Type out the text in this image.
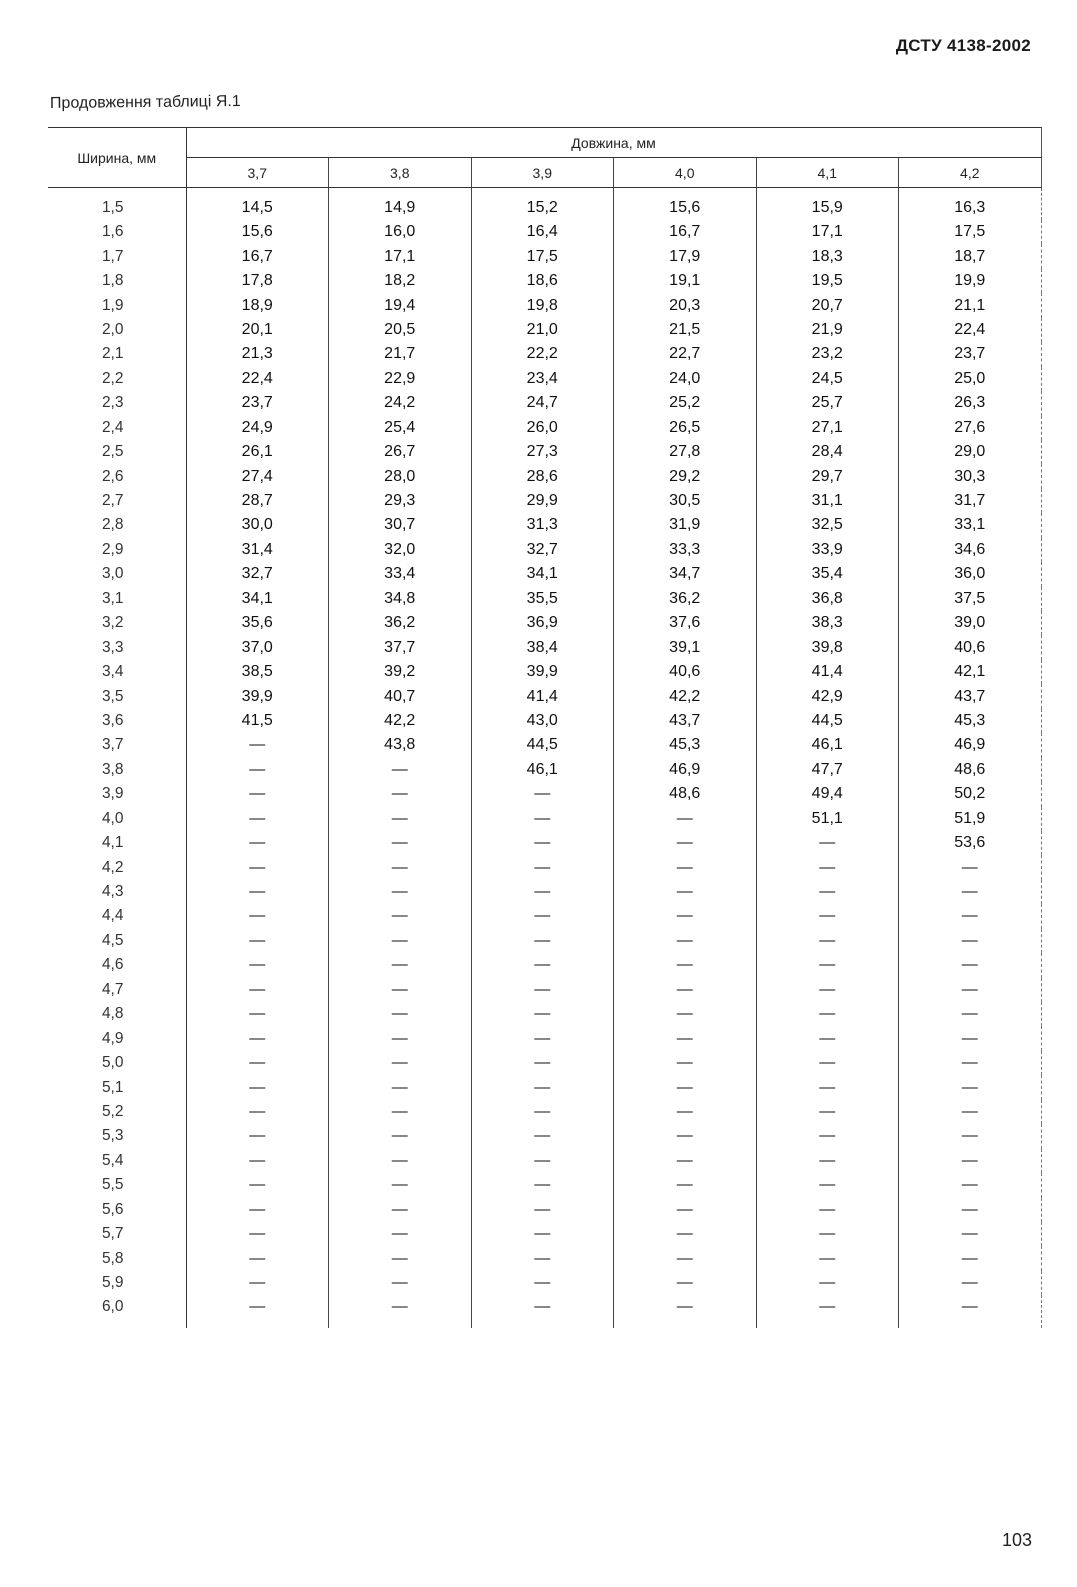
ДСТУ 4138-2002
Продовження таблиці Я.1
Ширина, мм	Довжина, мм					
	3,7	3,8	3,9	4,0	4,1	4,2
1,5	14,5	14,9	15,2	15,6	15,9	16,3
1,6	15,6	16,0	16,4	16,7	17,1	17,5
1,7	16,7	17,1	17,5	17,9	18,3	18,7
1,8	17,8	18,2	18,6	19,1	19,5	19,9
1,9	18,9	19,4	19,8	20,3	20,7	21,1
2,0	20,1	20,5	21,0	21,5	21,9	22,4
2,1	21,3	21,7	22,2	22,7	23,2	23,7
2,2	22,4	22,9	23,4	24,0	24,5	25,0
2,3	23,7	24,2	24,7	25,2	25,7	26,3
2,4	24,9	25,4	26,0	26,5	27,1	27,6
2,5	26,1	26,7	27,3	27,8	28,4	29,0
2,6	27,4	28,0	28,6	29,2	29,7	30,3
2,7	28,7	29,3	29,9	30,5	31,1	31,7
2,8	30,0	30,7	31,3	31,9	32,5	33,1
2,9	31,4	32,0	32,7	33,3	33,9	34,6
3,0	32,7	33,4	34,1	34,7	35,4	36,0
3,1	34,1	34,8	35,5	36,2	36,8	37,5
3,2	35,6	36,2	36,9	37,6	38,3	39,0
3,3	37,0	37,7	38,4	39,1	39,8	40,6
3,4	38,5	39,2	39,9	40,6	41,4	42,1
3,5	39,9	40,7	41,4	42,2	42,9	43,7
3,6	41,5	42,2	43,0	43,7	44,5	45,3
3,7	—	43,8	44,5	45,3	46,1	46,9
3,8	—	—	46,1	46,9	47,7	48,6
3,9	—	—	—	48,6	49,4	50,2
4,0	—	—	—	—	51,1	51,9
4,1	—	—	—	—	—	53,6
4,2	—	—	—	—	—	—
4,3	—	—	—	—	—	—
4,4	—	—	—	—	—	—
4,5	—	—	—	—	—	—
4,6	—	—	—	—	—	—
4,7	—	—	—	—	—	—
4,8	—	—	—	—	—	—
4,9	—	—	—	—	—	—
5,0	—	—	—	—	—	—
5,1	—	—	—	—	—	—
5,2	—	—	—	—	—	—
5,3	—	—	—	—	—	—
5,4	—	—	—	—	—	—
5,5	—	—	—	—	—	—
5,6	—	—	—	—	—	—
5,7	—	—	—	—	—	—
5,8	—	—	—	—	—	—
5,9	—	—	—	—	—	—
6,0	—	—	—	—	—	—
103
